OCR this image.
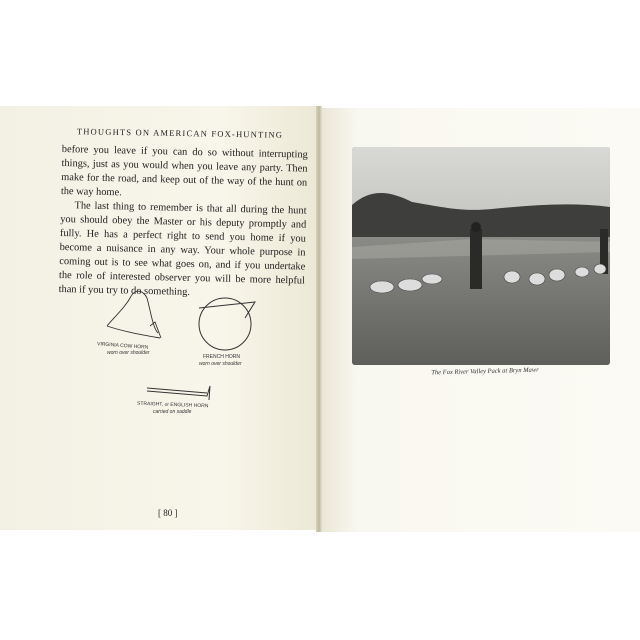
THOUGHTS ON AMERICAN FOX-HUNTING

before you leave if you can do so without interrupting things, just as you would when you leave any party. Then make for the road, and keep out of the way of the hunt on the way home.

The last thing to remember is that all during the hunt you should obey the Master or his deputy promptly and fully. He has a perfect right to send you home if you become a nuisance in any way. Your whole purpose in coming out is to see what goes on, and if you undertake the role of interested observer you will be more helpful than if you try to do something.

VIRGINIA COW HORN
worn over shoulder
FRENCH HORN
worn over shoulder
STRAIGHT, or ENGLISH HORN
carried on saddle
[ 80 ]
The Fox River Valley Pack at Bryn Mawr
